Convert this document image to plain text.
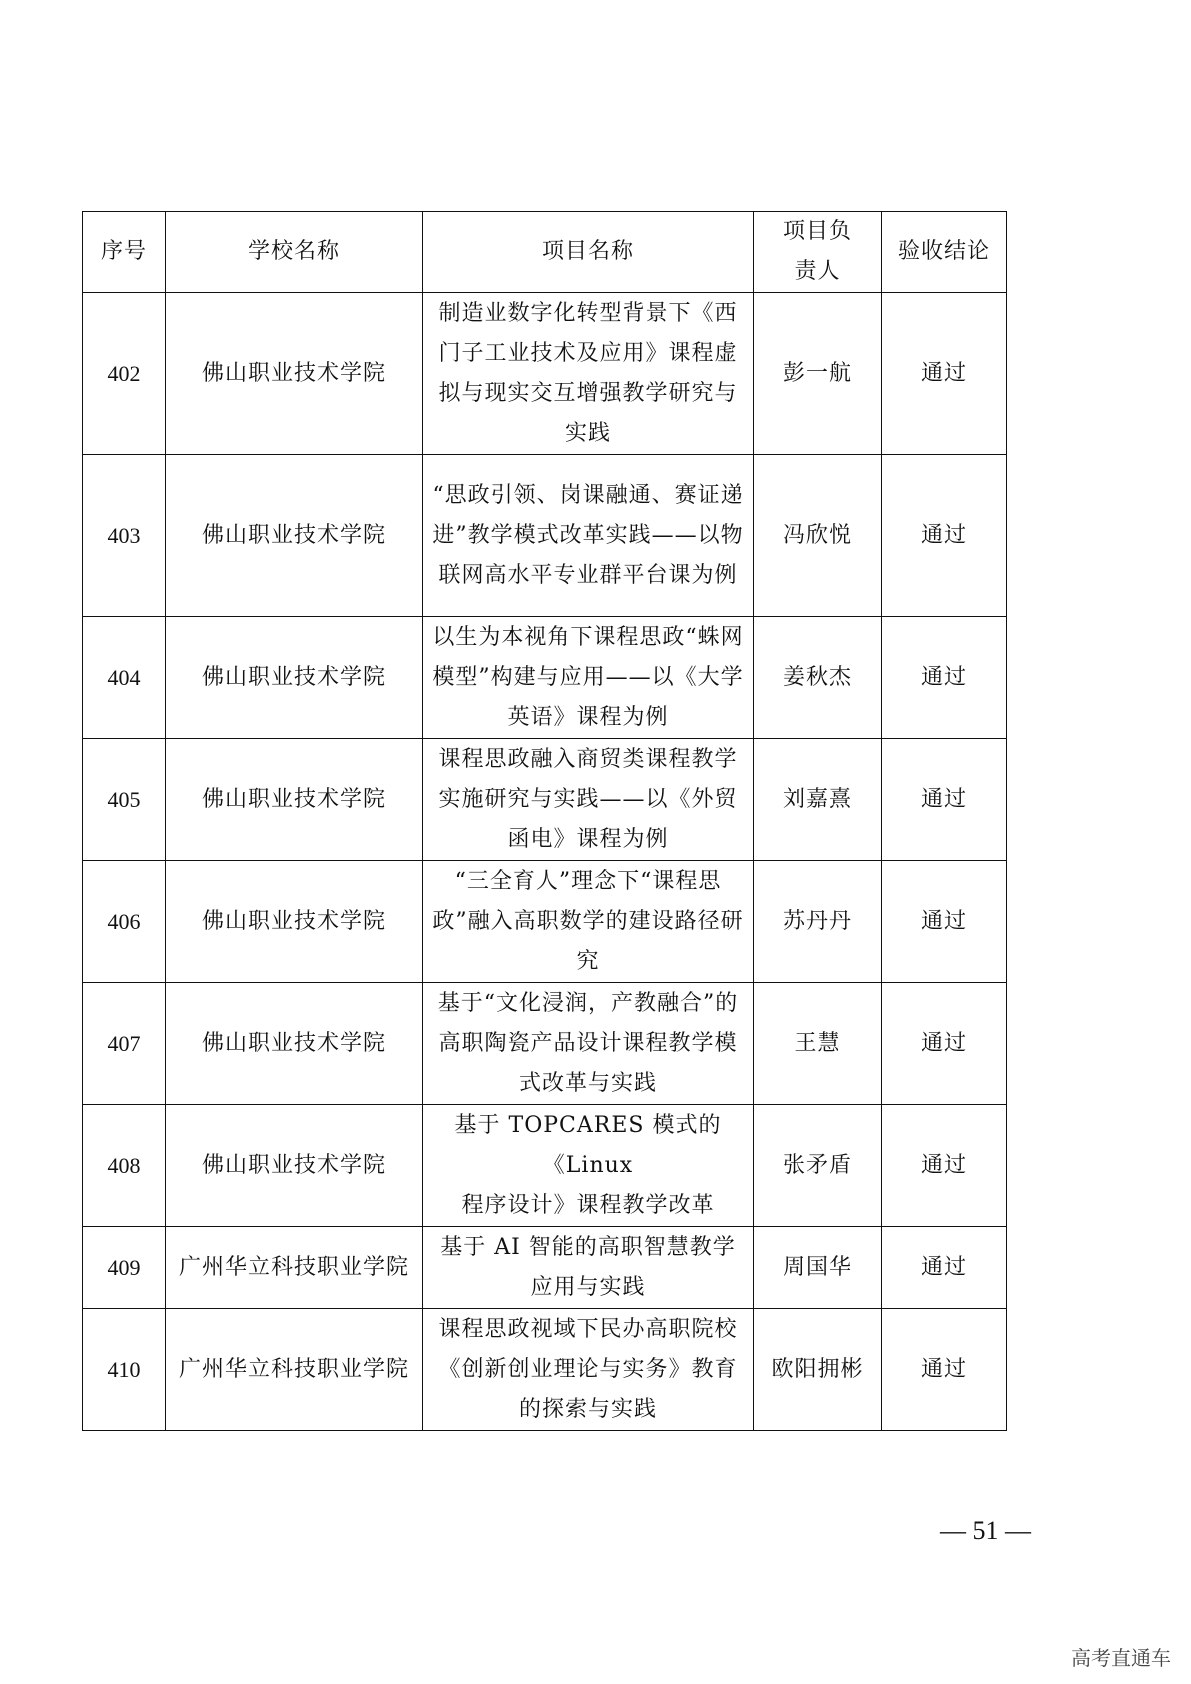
序号	学校名称	项目名称	项目负责人	验收结论
402	佛山职业技术学院	制造业数字化转型背景下《西门子工业技术及应用》课程虚拟与现实交互增强教学研究与实践	彭一航	通过
403	佛山职业技术学院	“思政引领、岗课融通、赛证递进”教学模式改革实践——以物联网高水平专业群平台课为例	冯欣悦	通过
404	佛山职业技术学院	以生为本视角下课程思政“蛛网模型”构建与应用——以《大学英语》课程为例	姜秋杰	通过
405	佛山职业技术学院	课程思政融入商贸类课程教学实施研究与实践——以《外贸函电》课程为例	刘嘉熹	通过
406	佛山职业技术学院	“三全育人”理念下“课程思政”融入高职数学的建设路径研究	苏丹丹	通过
407	佛山职业技术学院	基于“文化浸润，产教融合”的高职陶瓷产品设计课程教学模式改革与实践	王慧	通过
408	佛山职业技术学院	基于 TOPCARES 模式的
《Linux
程序设计》课程教学改革	张矛盾	通过
409	广州华立科技职业学院	基于 AI 智能的高职智慧教学应用与实践	周国华	通过
410	广州华立科技职业学院	课程思政视域下民办高职院校《创新创业理论与实务》教育的探索与实践	欧阳拥彬	通过
— 51 —
高考直通车
